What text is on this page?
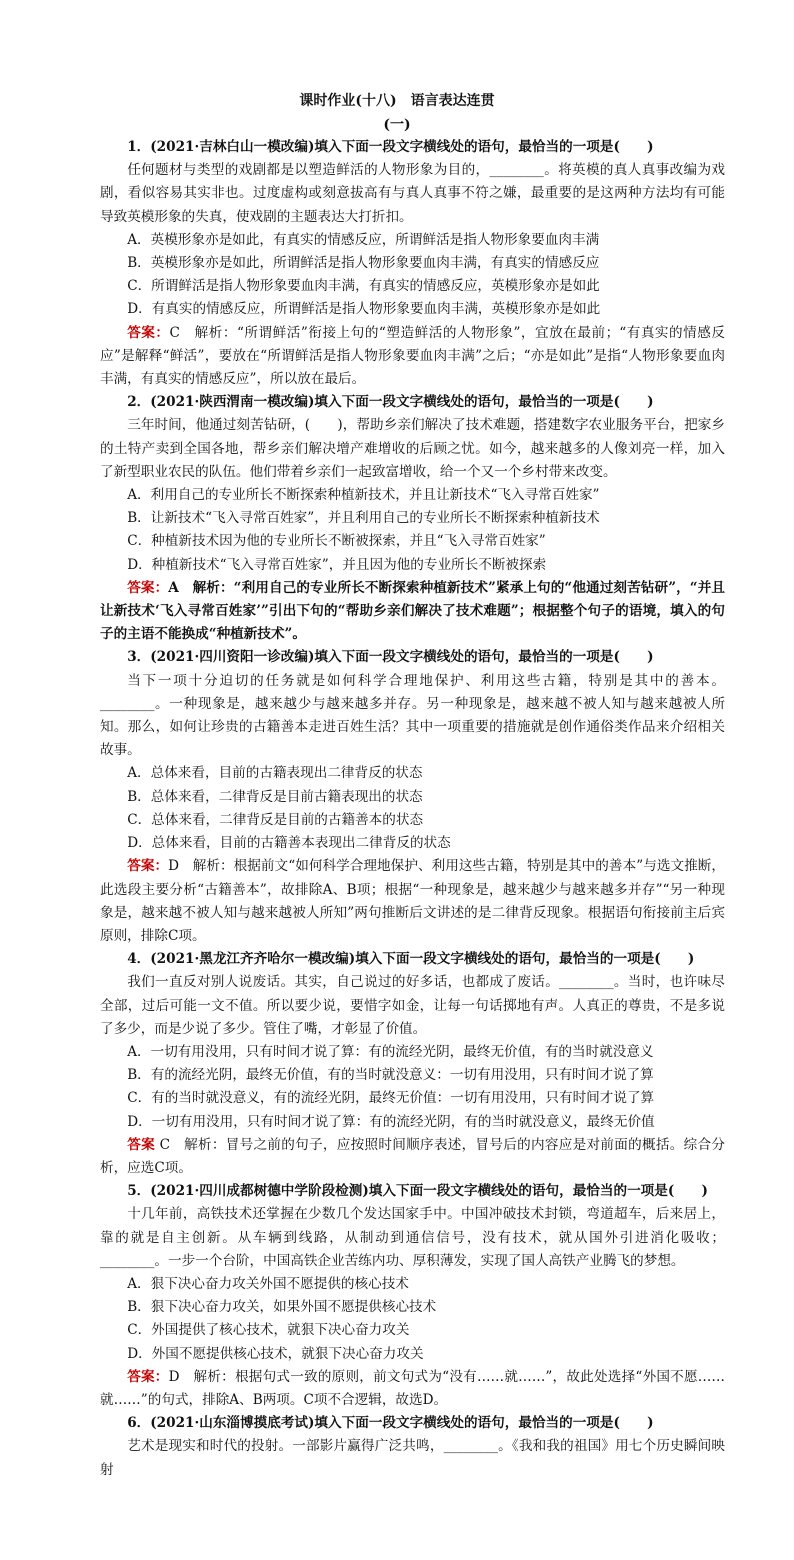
课时作业(十八)　语言表达连贯
(一)

1．(2021·吉林白山一模改编)填入下面一段文字横线处的语句，最恰当的一项是(　　)

任何题材与类型的戏剧都是以塑造鲜活的人物形象为目的，________。将英模的真人真事改编为戏剧，看似容易其实非也。过度虚构或刻意拔高有与真人真事不符之嫌，最重要的是这两种方法均有可能导致英模形象的失真，使戏剧的主题表达大打折扣。

A．英模形象亦是如此，有真实的情感反应，所谓鲜活是指人物形象要血肉丰满

B．英模形象亦是如此，所谓鲜活是指人物形象要血肉丰满，有真实的情感反应

C．所谓鲜活是指人物形象要血肉丰满，有真实的情感反应，英模形象亦是如此

D．有真实的情感反应，所谓鲜活是指人物形象要血肉丰满，英模形象亦是如此

答案：C　解析：“所谓鲜活”衔接上句的“塑造鲜活的人物形象”，宜放在最前；“有真实的情感反应”是解释“鲜活”，要放在“所谓鲜活是指人物形象要血肉丰满”之后；“亦是如此”是指“人物形象要血肉丰满，有真实的情感反应”，所以放在最后。

2．(2021·陕西渭南一模改编)填入下面一段文字横线处的语句，最恰当的一项是(　　)

三年时间，他通过刻苦钻研，(　　)，帮助乡亲们解决了技术难题，搭建数字农业服务平台，把家乡的土特产卖到全国各地，帮乡亲们解决增产难增收的后顾之忧。如今，越来越多的人像刘亮一样，加入了新型职业农民的队伍。他们带着乡亲们一起致富增收，给一个又一个乡村带来改变。

A．利用自己的专业所长不断探索种植新技术，并且让新技术“飞入寻常百姓家”

B．让新技术“飞入寻常百姓家”，并且利用自己的专业所长不断探索种植新技术

C．种植新技术因为他的专业所长不断被探索，并且“飞入寻常百姓家”

D．种植新技术“飞入寻常百姓家”，并且因为他的专业所长不断被探索

答案：A　解析：“利用自己的专业所长不断探索种植新技术”紧承上句的“他通过刻苦钻研”，“并且让新技术‘飞入寻常百姓家’”引出下句的“帮助乡亲们解决了技术难题”；根据整个句子的语境，填入的句子的主语不能换成“种植新技术”。

3．(2021·四川资阳一诊改编)填入下面一段文字横线处的语句，最恰当的一项是(　　)

当下一项十分迫切的任务就是如何科学合理地保护、利用这些古籍，特别是其中的善本。________。一种现象是，越来越少与越来越多并存。另一种现象是，越来越不被人知与越来越被人所知。那么，如何让珍贵的古籍善本走进百姓生活？其中一项重要的措施就是创作通俗类作品来介绍相关故事。

A．总体来看，目前的古籍表现出二律背反的状态

B．总体来看，二律背反是目前古籍表现出的状态

C．总体来看，二律背反是目前的古籍善本的状态

D．总体来看，目前的古籍善本表现出二律背反的状态

答案：D　解析：根据前文“如何科学合理地保护、利用这些古籍，特别是其中的善本”与选文推断，此选段主要分析“古籍善本”，故排除A、B项；根据“一种现象是，越来越少与越来越多并存”“另一种现象是，越来越不被人知与越来越被人所知”两句推断后文讲述的是二律背反现象。根据语句衔接前主后宾原则，排除C项。

4．(2021·黑龙江齐齐哈尔一模改编)填入下面一段文字横线处的语句，最恰当的一项是(　　)

我们一直反对别人说废话。其实，自己说过的好多话，也都成了废话。________。当时，也许味尽全部，过后可能一文不值。所以要少说，要惜字如金，让每一句话掷地有声。人真正的尊贵，不是多说了多少，而是少说了多少。管住了嘴，才彰显了价值。

A．一切有用没用，只有时间才说了算：有的流经光阴，最终无价值，有的当时就没意义

B．有的流经光阴，最终无价值，有的当时就没意义：一切有用没用，只有时间才说了算

C．有的当时就没意义，有的流经光阴，最终无价值：一切有用没用，只有时间才说了算

D．一切有用没用，只有时间才说了算：有的流经光阴，有的当时就没意义，最终无价值

答案 C　解析：冒号之前的句子，应按照时间顺序表述，冒号后的内容应是对前面的概括。综合分析，应选C项。

5．(2021·四川成都树德中学阶段检测)填入下面一段文字横线处的语句，最恰当的一项是(　　)

十几年前，高铁技术还掌握在少数几个发达国家手中。中国冲破技术封锁，弯道超车，后来居上，靠的就是自主创新。从车辆到线路，从制动到通信信号，没有技术，就从国外引进消化吸收；________。一步一个台阶，中国高铁企业苦练内功、厚积薄发，实现了国人高铁产业腾飞的梦想。

A．狠下决心奋力攻关外国不愿提供的核心技术

B．狠下决心奋力攻关，如果外国不愿提供核心技术

C．外国提供了核心技术，就狠下决心奋力攻关

D．外国不愿提供核心技术，就狠下决心奋力攻关

答案：D　解析：根据句式一致的原则，前文句式为“没有……就……”，故此处选择“外国不愿……就……”的句式，排除A、B两项。C项不合逻辑，故选D。

6．(2021·山东淄博摸底考试)填入下面一段文字横线处的语句，最恰当的一项是(　　)

艺术是现实和时代的投射。一部影片赢得广泛共鸣，________。《我和我的祖国》用七个历史瞬间映射
